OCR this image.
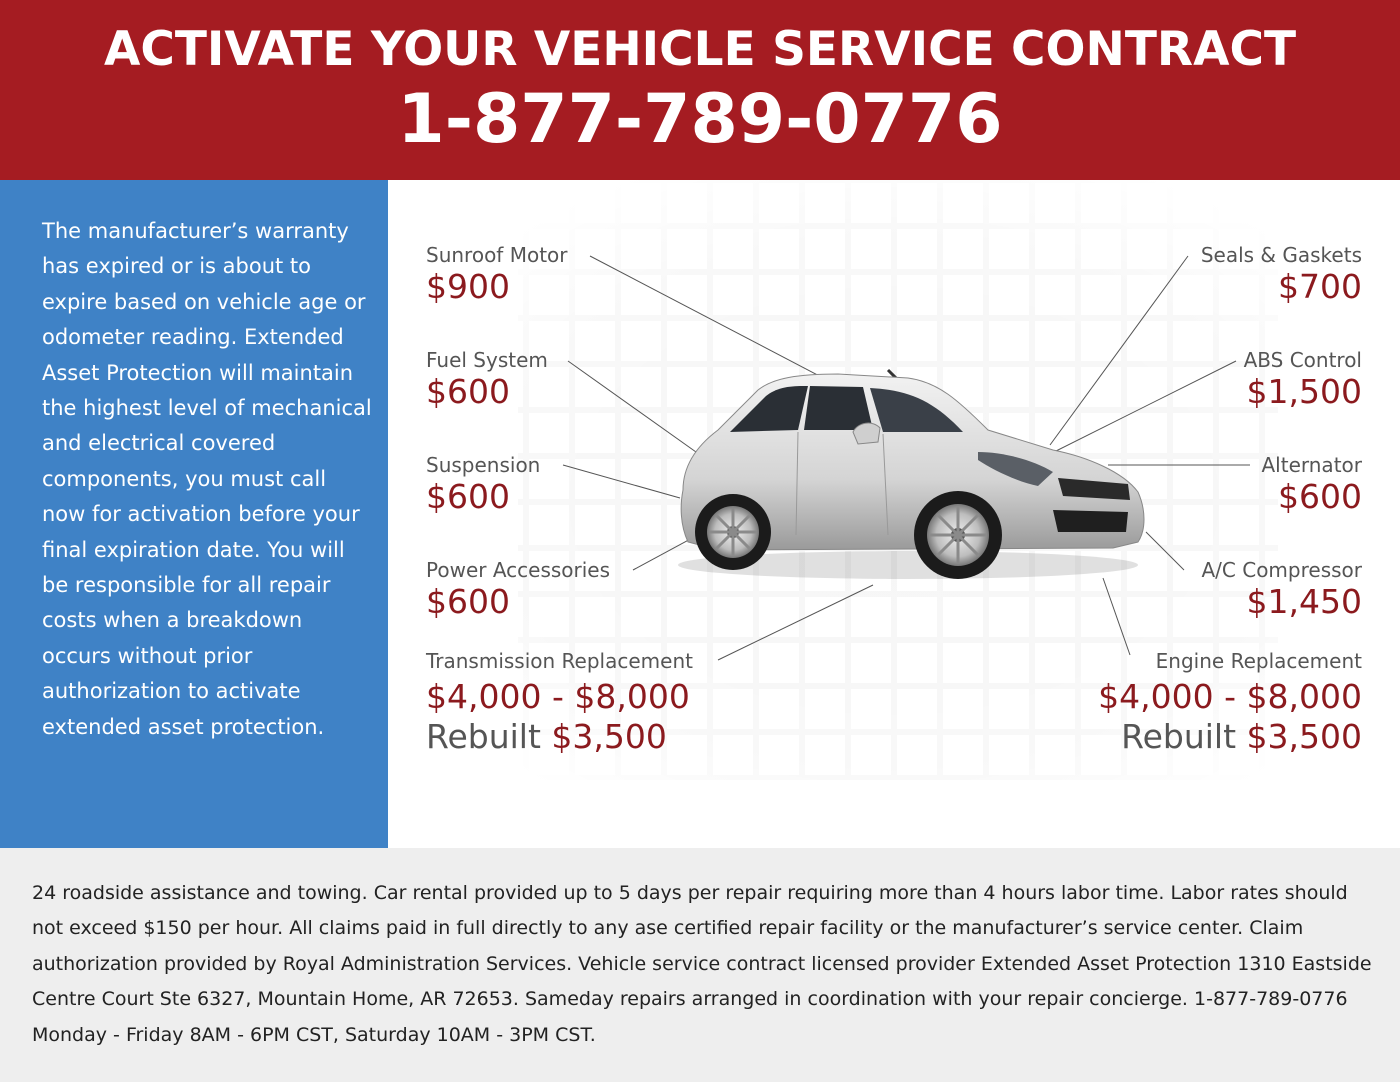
ACTIVATE YOUR VEHICLE SERVICE CONTRACT
1-877-789-0776

The manufacturer’s warranty has expired or is about to expire based on vehicle age or odometer reading. Extended Asset Protection will maintain the highest level of mechanical and electrical covered components, you must call now for activation before your final expiration date. You will be responsible for all repair costs when a breakdown occurs without prior authorization to activate extended asset protection.

Sunroof Motor
$900
Fuel System
$600
Suspension
$600
Power Accessories
$600
Transmission Replacement
$4,000 - $8,000
Rebuilt $3,500
Seals & Gaskets
$700
ABS Control
$1,500
Alternator
$600
A/C Compressor
$1,450
Engine Replacement
$4,000 - $8,000
Rebuilt $3,500

24 roadside assistance and towing. Car rental provided up to 5 days per repair requiring more than 4 hours labor time. Labor rates should not exceed $150 per hour. All claims paid in full directly to any ase certified repair facility or the manufacturer’s service center. Claim authorization provided by Royal Administration Services. Vehicle service contract licensed provider Extended Asset Protection 1310 Eastside Centre Court Ste 6327, Mountain Home, AR 72653. Sameday repairs arranged in coordination with your repair concierge. 1-877-789-0776 Monday - Friday 8AM - 6PM CST, Saturday 10AM - 3PM CST.
